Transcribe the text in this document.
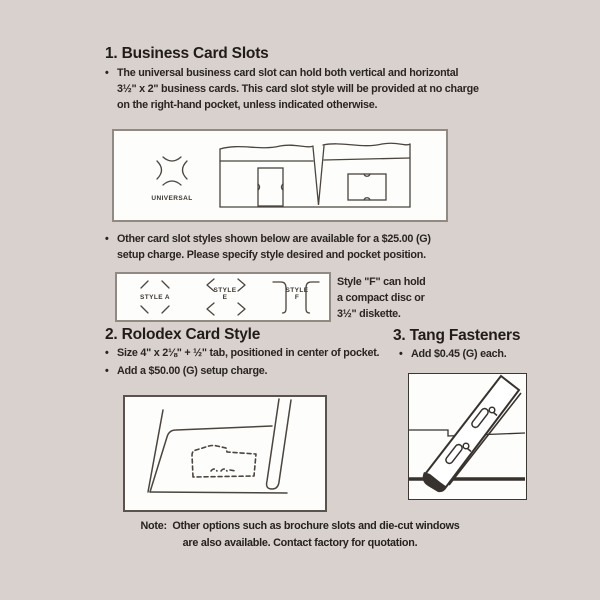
1. Business Card Slots
• The universal business card slot can hold both vertical and horizontal
3½" x 2" business cards. This card slot style will be provided at no charge
on the right-hand pocket, unless indicated otherwise.
UNIVERSAL
• Other card slot styles shown below are available for a $25.00 (G)
setup charge. Please specify style desired and pocket position.
STYLE A
STYLE E
STYLE F
Style "F" can hold
a compact disc or
3½" diskette.
2. Rolodex Card Style
• Size 4" x 2⅛" + ½" tab, positioned in center of pocket.
• Add a $50.00 (G) setup charge.
3. Tang Fasteners
• Add $0.45 (G) each.
Note: Other options such as brochure slots and die-cut windows
are also available. Contact factory for quotation.
